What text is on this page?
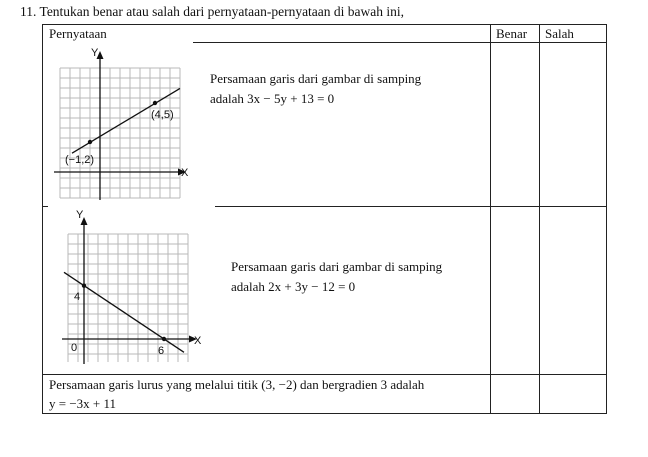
11. Tentukan benar atau salah dari pernyataan-pernyataan di bawah ini,
Pernyataan	Benar Salah
Persamaan garis dari gambar di samping
adalah 3x − 5y + 13 = 0
(−1,2)
(4,5)
X
Y
Persamaan garis dari gambar di samping
adalah 2x + 3y − 12 = 0
4
6
0
X
Y
Persamaan garis lurus yang melalui titik (3, −2) dan bergradien 3 adalah
y = −3x + 11
